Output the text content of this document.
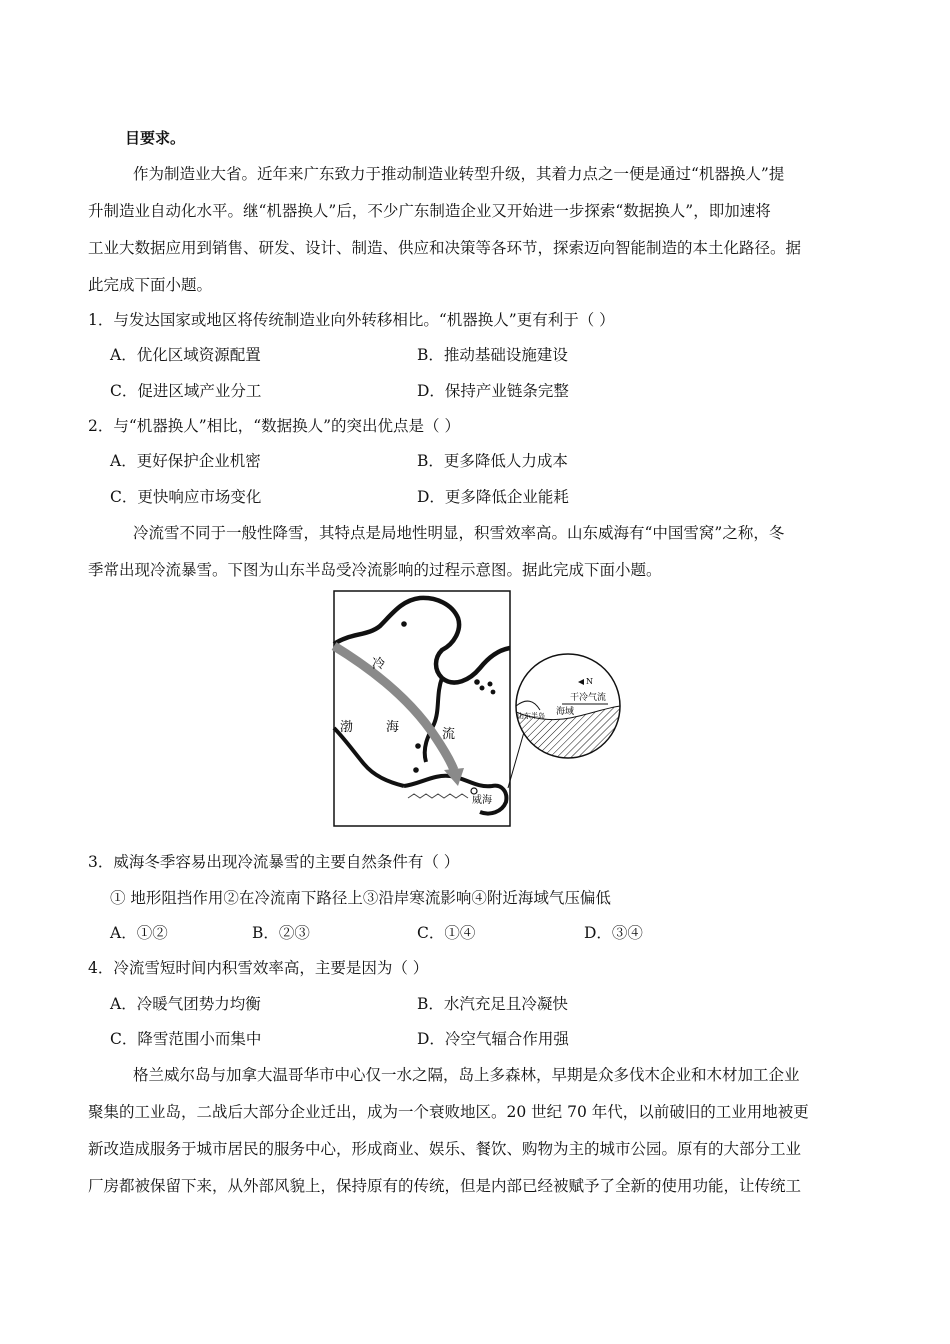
目要求。
作为制造业大省。近年来广东致力于推动制造业转型升级，其着力点之一便是通过“机器换人”提
升制造业自动化水平。继“机器换人”后，不少广东制造企业又开始进一步探索“数据换人”，即加速将
工业大数据应用到销售、研发、设计、制造、供应和决策等各环节，探索迈向智能制造的本土化路径。据
此完成下面小题。
1．与发达国家或地区将传统制造业向外转移相比。“机器换人”更有利于（ ）
A．优化区域资源配置	B．推动基础设施建设
C．促进区域产业分工	D．保持产业链条完整
2．与“机器换人”相比，“数据换人”的突出优点是（ ）
A．更好保护企业机密	B．更多降低人力成本
C．更快响应市场变化	D．更多降低企业能耗
冷流雪不同于一般性降雪，其特点是局地性明显，积雪效率高。山东威海有“中国雪窝”之称，冬
季常出现冷流暴雪。下图为山东半岛受冷流影响的过程示意图。据此完成下面小题。
冷
渤	海	流
威海
N
干冷气流
海域
山东半岛
3．威海冬季容易出现冷流暴雪的主要自然条件有（ ）
① 地形阻挡作用②在冷流南下路径上③沿岸寒流影响④附近海域气压偏低
A．①②	B．②③	C．①④	D．③④
4．冷流雪短时间内积雪效率高，主要是因为（ ）
A．冷暖气团势力均衡	B．水汽充足且冷凝快
C．降雪范围小而集中	D．冷空气辐合作用强
格兰威尔岛与加拿大温哥华市中心仅一水之隔，岛上多森林，早期是众多伐木企业和木材加工企业
聚集的工业岛，二战后大部分企业迁出，成为一个衰败地区。20 世纪 70 年代，以前破旧的工业用地被更
新改造成服务于城市居民的服务中心，形成商业、娱乐、餐饮、购物为主的城市公园。原有的大部分工业
厂房都被保留下来，从外部风貌上，保持原有的传统，但是内部已经被赋予了全新的使用功能，让传统工
